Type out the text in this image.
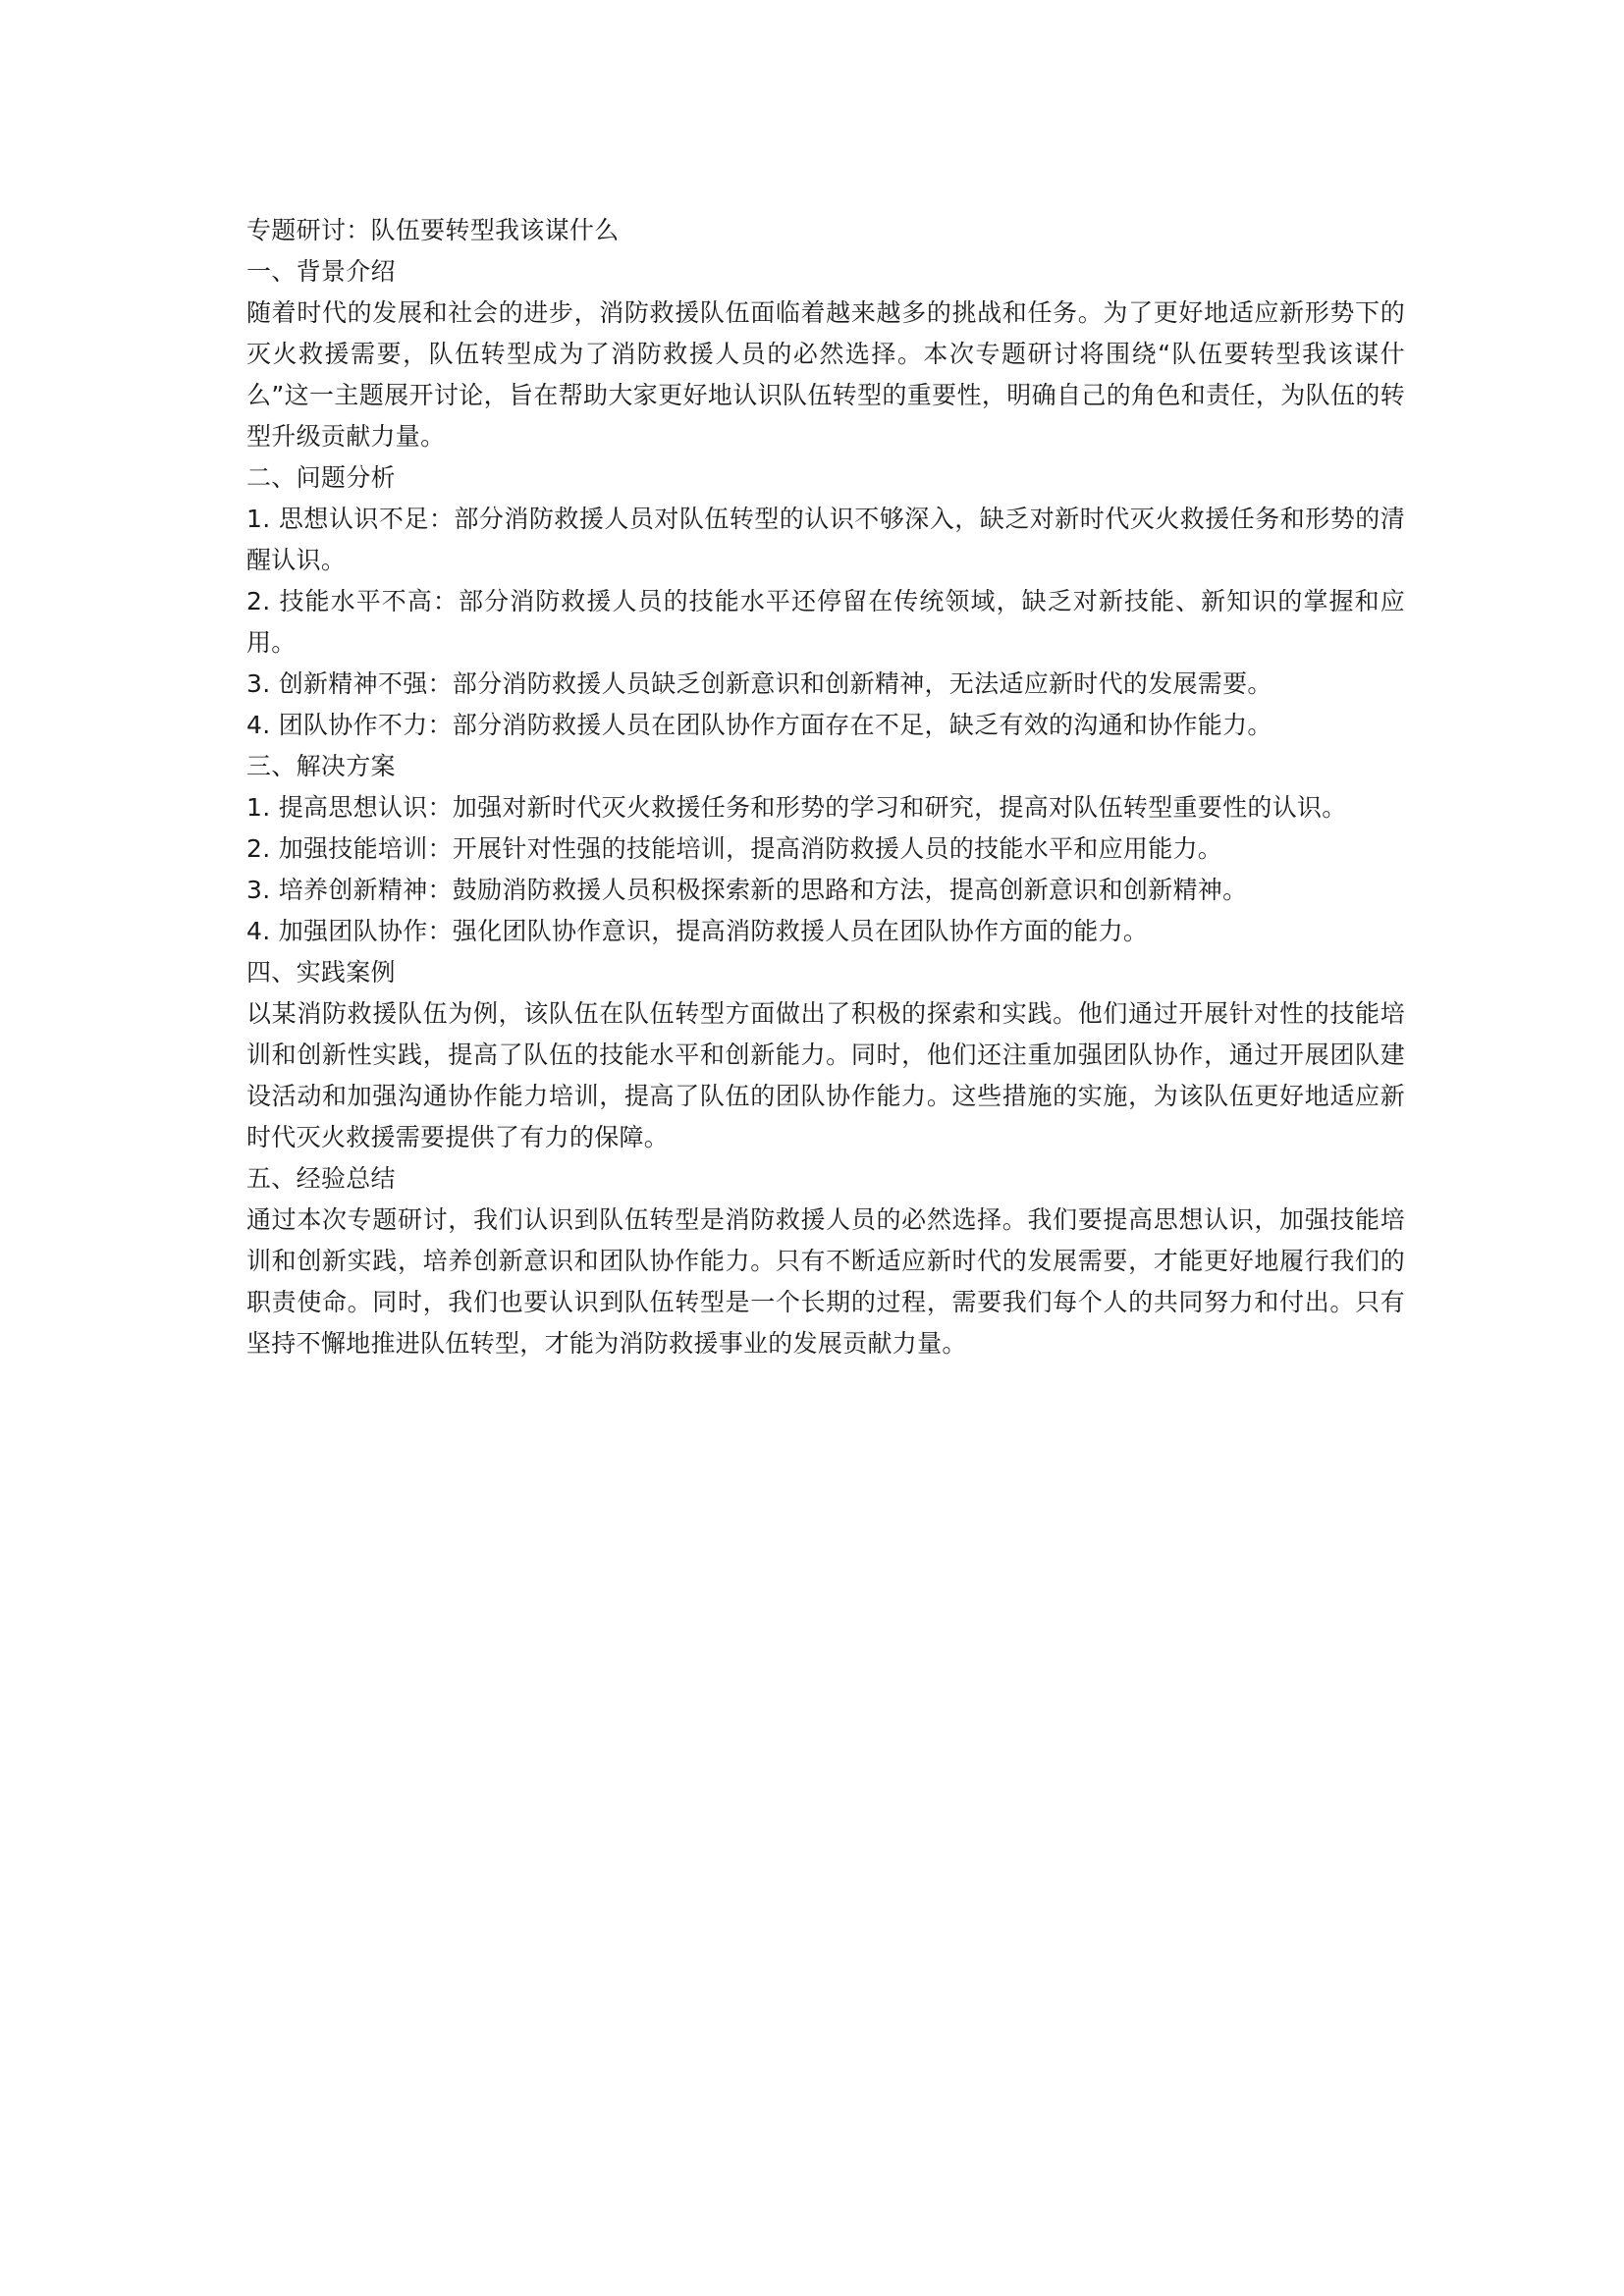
专题研讨：队伍要转型我该谋什么

一、背景介绍

随着时代的发展和社会的进步，消防救援队伍面临着越来越多的挑战和任务。为了更好地适应新形势下的灭火救援需要，队伍转型成为了消防救援人员的必然选择。本次专题研讨将围绕“队伍要转型我该谋什么”这一主题展开讨论，旨在帮助大家更好地认识队伍转型的重要性，明确自己的角色和责任，为队伍的转型升级贡献力量。

二、问题分析

1. 思想认识不足：部分消防救援人员对队伍转型的认识不够深入，缺乏对新时代灭火救援任务和形势的清醒认识。

2. 技能水平不高：部分消防救援人员的技能水平还停留在传统领域，缺乏对新技能、新知识的掌握和应用。

3. 创新精神不强：部分消防救援人员缺乏创新意识和创新精神，无法适应新时代的发展需要。

4. 团队协作不力：部分消防救援人员在团队协作方面存在不足，缺乏有效的沟通和协作能力。

三、解决方案

1. 提高思想认识：加强对新时代灭火救援任务和形势的学习和研究，提高对队伍转型重要性的认识。

2. 加强技能培训：开展针对性强的技能培训，提高消防救援人员的技能水平和应用能力。

3. 培养创新精神：鼓励消防救援人员积极探索新的思路和方法，提高创新意识和创新精神。

4. 加强团队协作：强化团队协作意识，提高消防救援人员在团队协作方面的能力。

四、实践案例

以某消防救援队伍为例，该队伍在队伍转型方面做出了积极的探索和实践。他们通过开展针对性的技能培训和创新性实践，提高了队伍的技能水平和创新能力。同时，他们还注重加强团队协作，通过开展团队建设活动和加强沟通协作能力培训，提高了队伍的团队协作能力。这些措施的实施，为该队伍更好地适应新时代灭火救援需要提供了有力的保障。

五、经验总结

通过本次专题研讨，我们认识到队伍转型是消防救援人员的必然选择。我们要提高思想认识，加强技能培训和创新实践，培养创新意识和团队协作能力。只有不断适应新时代的发展需要，才能更好地履行我们的职责使命。同时，我们也要认识到队伍转型是一个长期的过程，需要我们每个人的共同努力和付出。只有坚持不懈地推进队伍转型，才能为消防救援事业的发展贡献力量。
